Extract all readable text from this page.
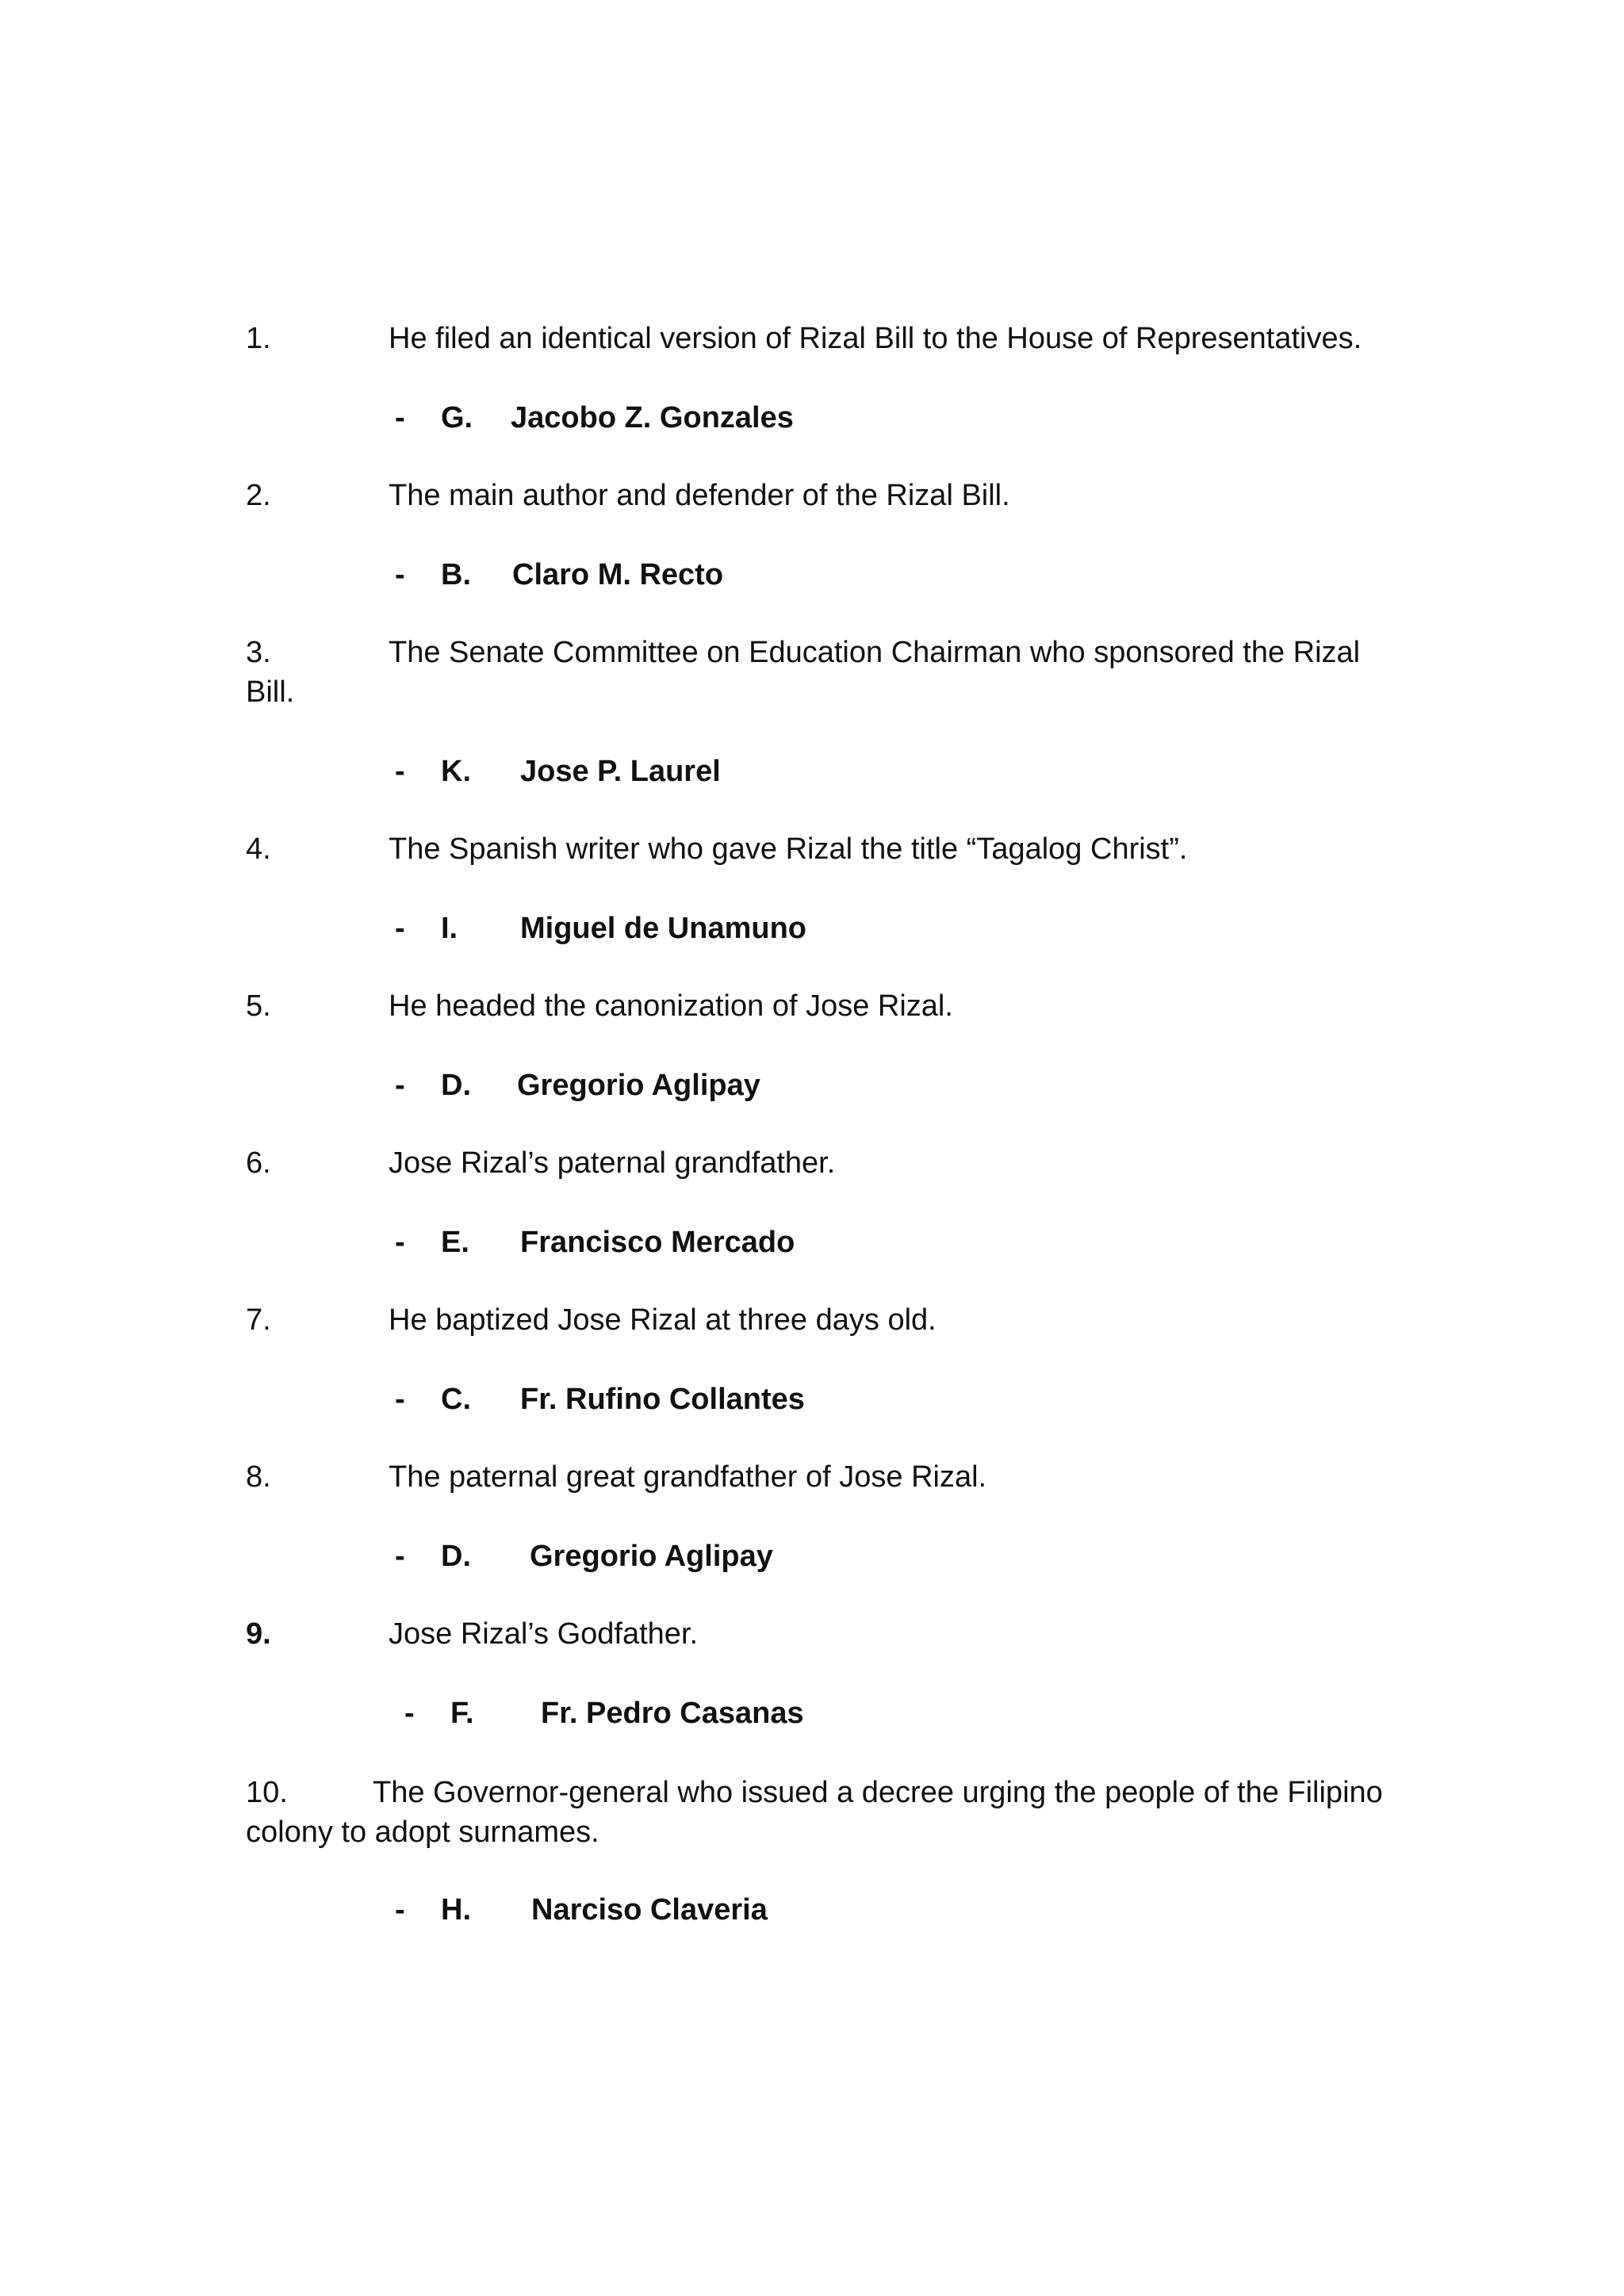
1.	He filed an identical version of Rizal Bill to the House of Representatives.
- G. Jacobo Z. Gonzales
2.	The main author and defender of the Rizal Bill.
- B. Claro M. Recto
3.	The Senate Committee on Education Chairman who sponsored the Rizal Bill.
- K. Jose P. Laurel
4.	The Spanish writer who gave Rizal the title “Tagalog Christ”.
- I. Miguel de Unamuno
5.	He headed the canonization of Jose Rizal.
- D. Gregorio Aglipay
6.	Jose Rizal’s paternal grandfather.
- E. Francisco Mercado
7.	He baptized Jose Rizal at three days old.
- C. Fr. Rufino Collantes
8.	The paternal great grandfather of Jose Rizal.
- D. Gregorio Aglipay
9.	Jose Rizal’s Godfather.
- F. Fr. Pedro Casanas
10.	The Governor-general who issued a decree urging the people of the Filipino colony to adopt surnames.
- H. Narciso Claveria
